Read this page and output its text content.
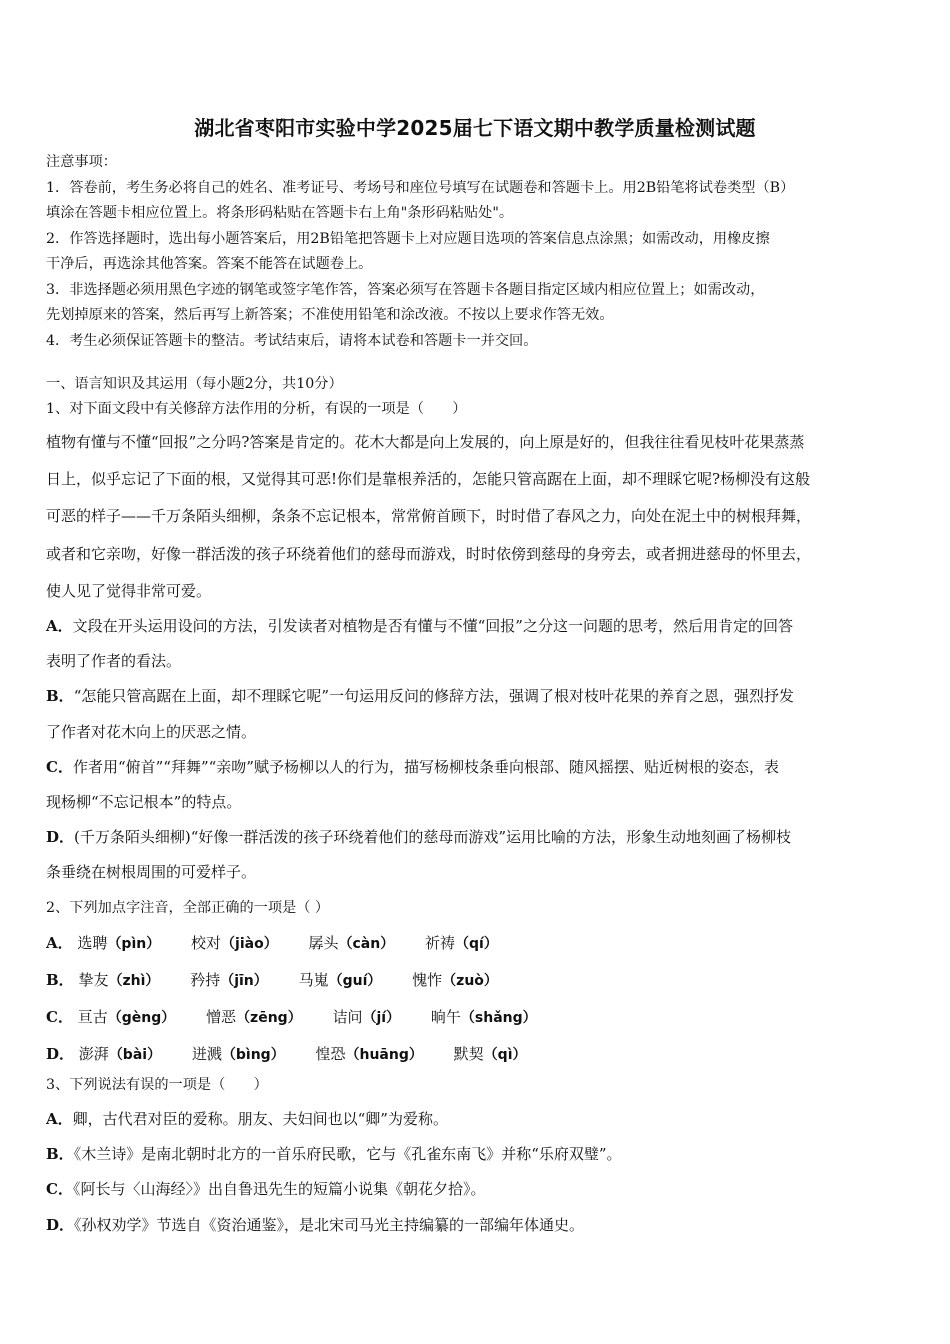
湖北省枣阳市实验中学2025届七下语文期中教学质量检测试题

注意事项：

1．答卷前，考生务必将自己的姓名、准考证号、考场号和座位号填写在试题卷和答题卡上。用2B铅笔将试卷类型（B）

填涂在答题卡相应位置上。将条形码粘贴在答题卡右上角"条形码粘贴处"。

2．作答选择题时，选出每小题答案后，用2B铅笔把答题卡上对应题目选项的答案信息点涂黑；如需改动，用橡皮擦

干净后，再选涂其他答案。答案不能答在试题卷上。

3．非选择题必须用黑色字迹的钢笔或签字笔作答，答案必须写在答题卡各题目指定区域内相应位置上；如需改动，

先划掉原来的答案，然后再写上新答案；不准使用铅笔和涂改液。不按以上要求作答无效。

4．考生必须保证答题卡的整洁。考试结束后，请将本试卷和答题卡一并交回。

一、语言知识及其运用（每小题2分，共10分）

1、对下面文段中有关修辞方法作用的分析，有误的一项是（　　）

植物有懂与不懂“回报”之分吗?答案是肯定的。花木大都是向上发展的，向上原是好的，但我往往看见枝叶花果蒸蒸

日上，似乎忘记了下面的根，又觉得其可恶!你们是靠根养活的，怎能只管高踞在上面，却不理睬它呢?杨柳没有这般

可恶的样子——千万条陌头细柳，条条不忘记根本，常常俯首顾下，时时借了春风之力，向处在泥土中的树根拜舞，

或者和它亲吻，好像一群活泼的孩子环绕着他们的慈母而游戏，时时依傍到慈母的身旁去，或者拥进慈母的怀里去，

使人见了觉得非常可爱。

A．文段在开头运用设问的方法，引发读者对植物是否有懂与不懂“回报”之分这一问题的思考，然后用肯定的回答

表明了作者的看法。

B．“怎能只管高踞在上面，却不理睬它呢”一句运用反问的修辞方法，强调了根对枝叶花果的养育之恩，强烈抒发

了作者对花木向上的厌恶之情。

C．作者用“俯首”“拜舞”“亲吻”赋予杨柳以人的行为，描写杨柳枝条垂向根部、随风摇摆、贴近树根的姿态，表

现杨柳“不忘记根本”的特点。

D．(千万条陌头细柳)“好像一群活泼的孩子环绕着他们的慈母而游戏”运用比喻的方法，形象生动地刻画了杨柳枝

条垂绕在树根周围的可爱样子。

2、下列加点字注音，全部正确的一项是（ ）

A． 选聘（pìn） 校对（jiào） 孱头（càn） 祈祷（qí）

B． 挚友（zhì） 矜持（jīn） 马嵬（guí） 愧怍（zuò）

C． 亘古（gèng） 憎恶（zēng） 诘问（jí） 晌午（shǎng）

D． 澎湃（bài） 迸溅（bìng） 惶恐（huāng） 默契（qì）

3、下列说法有误的一项是（　　）

A．卿，古代君对臣的爱称。朋友、夫妇间也以“卿”为爱称。

B．《木兰诗》是南北朝时北方的一首乐府民歌，它与《孔雀东南飞》并称“乐府双璧”。

C．《阿长与〈山海经〉》出自鲁迅先生的短篇小说集《朝花夕拾》。

D．《孙权劝学》节选自《资治通鉴》，是北宋司马光主持编纂的一部编年体通史。
